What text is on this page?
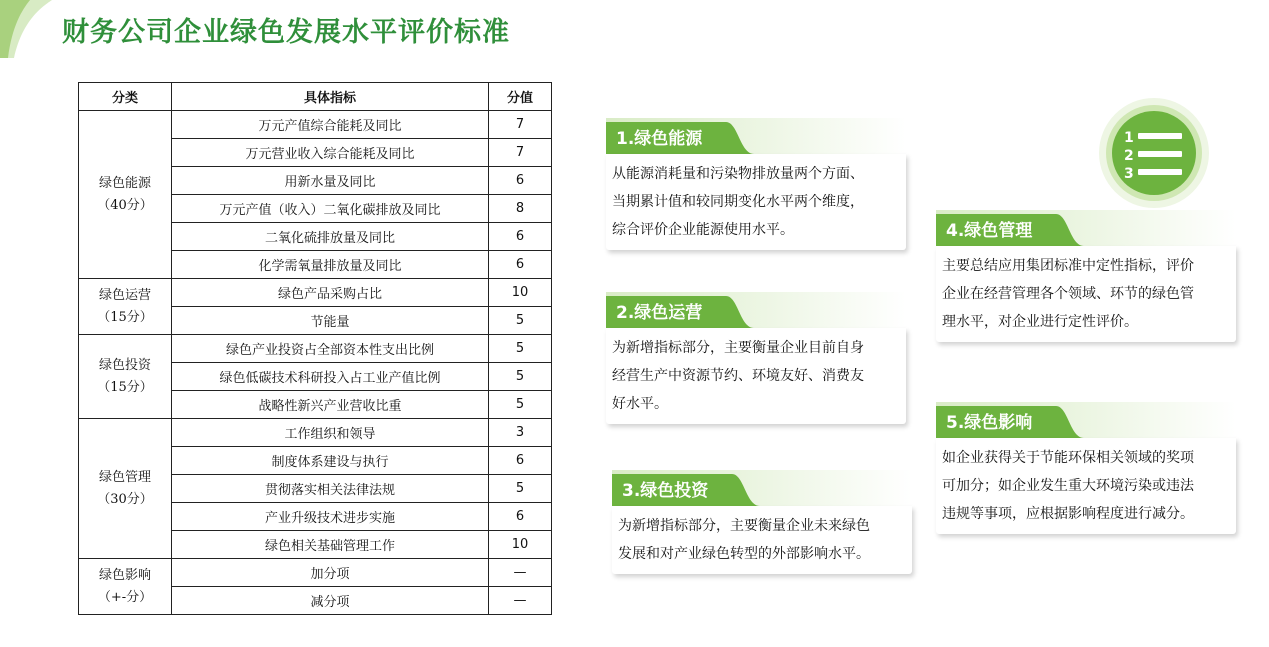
财务公司企业绿色发展水平评价标准
分类	具体指标	分值

绿色能源
（40分）	万元产值综合能耗及同比	7
	万元营业收入综合能耗及同比	7
	用新水量及同比	6
	万元产值（收入）二氧化碳排放及同比	8
	二氧化硫排放量及同比	6
	化学需氧量排放量及同比	6

绿色运营
（15分）	绿色产品采购占比	10
	节能量	5

绿色投资
（15分）	绿色产业投资占全部资本性支出比例	5
	绿色低碳技术科研投入占工业产值比例	5
	战略性新兴产业营收比重	5

绿色管理
（30分）	工作组织和领导	3
	制度体系建设与执行	6
	贯彻落实相关法律法规	5
	产业升级技术进步实施	6
	绿色相关基础管理工作	10

绿色影响
（+-分）	加分项	—
	减分项	—
1.绿色能源
从能源消耗量和污染物排放量两个方面、
当期累计值和较同期变化水平两个维度，
综合评价企业能源使用水平。
2.绿色运营
为新增指标部分，主要衡量企业目前自身
经营生产中资源节约、环境友好、消费友
好水平。
3.绿色投资
为新增指标部分，主要衡量企业未来绿色
发展和对产业绿色转型的外部影响水平。
4.绿色管理
主要总结应用集团标准中定性指标，评价
企业在经营管理各个领域、环节的绿色管
理水平，对企业进行定性评价。
5.绿色影响
如企业获得关于节能环保相关领域的奖项
可加分；如企业发生重大环境污染或违法
违规等事项，应根据影响程度进行减分。
1
2
3
